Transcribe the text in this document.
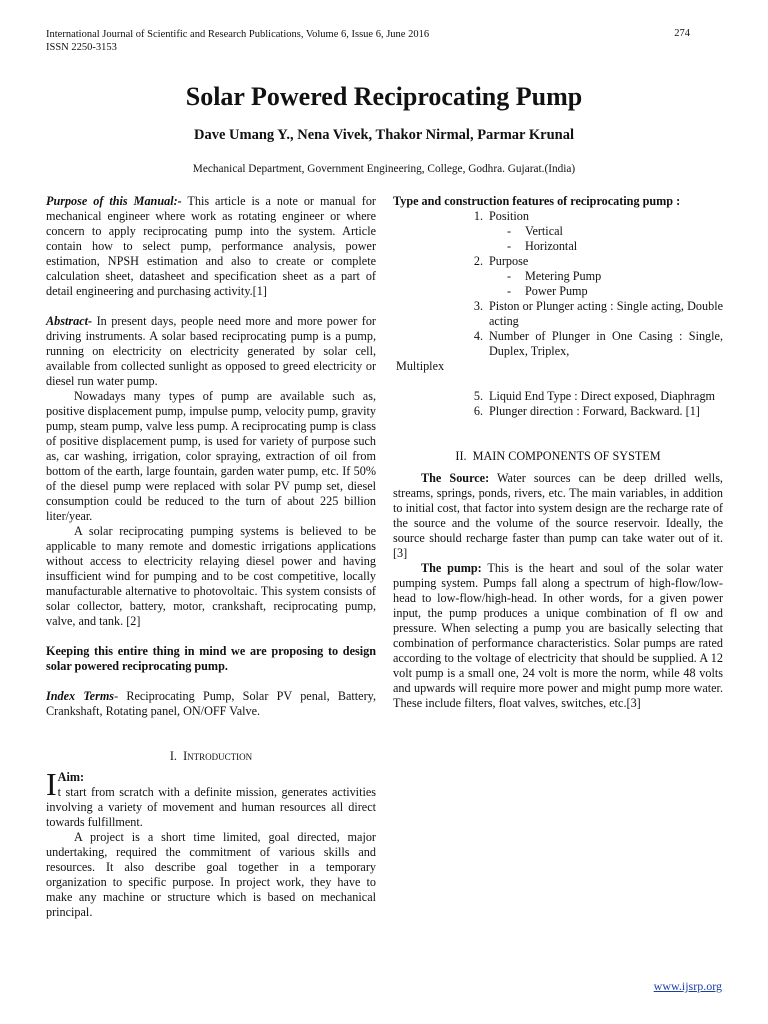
International Journal of Scientific and Research Publications, Volume 6, Issue 6, June 2016
ISSN 2250-3153
274
Solar Powered Reciprocating Pump
Dave Umang Y., Nena Vivek, Thakor Nirmal, Parmar Krunal
Mechanical Department, Government Engineering, College, Godhra. Gujarat.(India)

Purpose of this Manual:- This article is a note or manual for mechanical engineer where work as rotating engineer or where concern to apply reciprocating pump into the system. Article contain how to select pump, performance analysis, power estimation, NPSH estimation and also to create or complete calculation sheet, datasheet and specification sheet as a part of detail engineering and purchasing activity.[1]

Abstract- In present days, people need more and more power for driving instruments. A solar based reciprocating pump is a pump, running on electricity on electricity generated by solar cell, available from collected sunlight as opposed to greed electricity or diesel run water pump.

Nowadays many types of pump are available such as, positive displacement pump, impulse pump, velocity pump, gravity pump, steam pump, valve less pump. A reciprocating pump is class of positive displacement pump, is used for variety of purpose such as, car washing, irrigation, color spraying, extraction of oil from bottom of the earth, large fountain, garden water pump, etc. If 50% of the diesel pump were replaced with solar PV pump set, diesel consumption could be reduced to the turn of about 225 billion liter/year.

A solar reciprocating pumping systems is believed to be applicable to many remote and domestic irrigations applications without access to electricity relaying diesel power and having insufficient wind for pumping and to be cost competitive, locally manufacturable alternative to photovoltaic. This system consists of solar collector, battery, motor, crankshaft, reciprocating pump, valve, and tank. [2]

Keeping this entire thing in mind we are proposing to design solar powered reciprocating pump.

Index Terms- Reciprocating Pump, Solar PV penal, Battery, Crankshaft, Rotating panel, ON/OFF Valve.

I. Introduction

I Aim:
t start from scratch with a definite mission, generates activities involving a variety of movement and human resources all direct towards fulfillment.

A project is a short time limited, goal directed, major undertaking, required the commitment of various skills and resources. It also describe goal together in a temporary organization to specific purpose. In project work, they have to make any machine or structure which is based on mechanical principal.

Type and construction features of reciprocating pump :

1. Position
-	Vertical
-	Horizontal
2. Purpose
-	Metering Pump
-	Power Pump
3. Piston or Plunger acting : Single acting, Double acting
4. Number of Plunger in One Casing : Single, Duplex, Triplex,

Multiplex

5. Liquid End Type : Direct exposed, Diaphragm
6. Plunger direction : Forward, Backward. [1]

II. MAIN COMPONENTS OF SYSTEM

The Source: Water sources can be deep drilled wells, streams, springs, ponds, rivers, etc. The main variables, in addition to initial cost, that factor into system design are the recharge rate of the source and the volume of the source reservoir. Ideally, the source should recharge faster than pump can take water out of it. [3]

The pump: This is the heart and soul of the solar water pumping system. Pumps fall along a spectrum of high-flow/low-head to low-flow/high-head. In other words, for a given power input, the pump produces a unique combination of fl ow and pressure. When selecting a pump you are basically selecting that combination of performance characteristics. Solar pumps are rated according to the voltage of electricity that should be supplied. A 12 volt pump is a small one, 24 volt is more the norm, while 48 volts and upwards will require more power and might pump more water. These include filters, float valves, switches, etc.[3]

www.ijsrp.org
